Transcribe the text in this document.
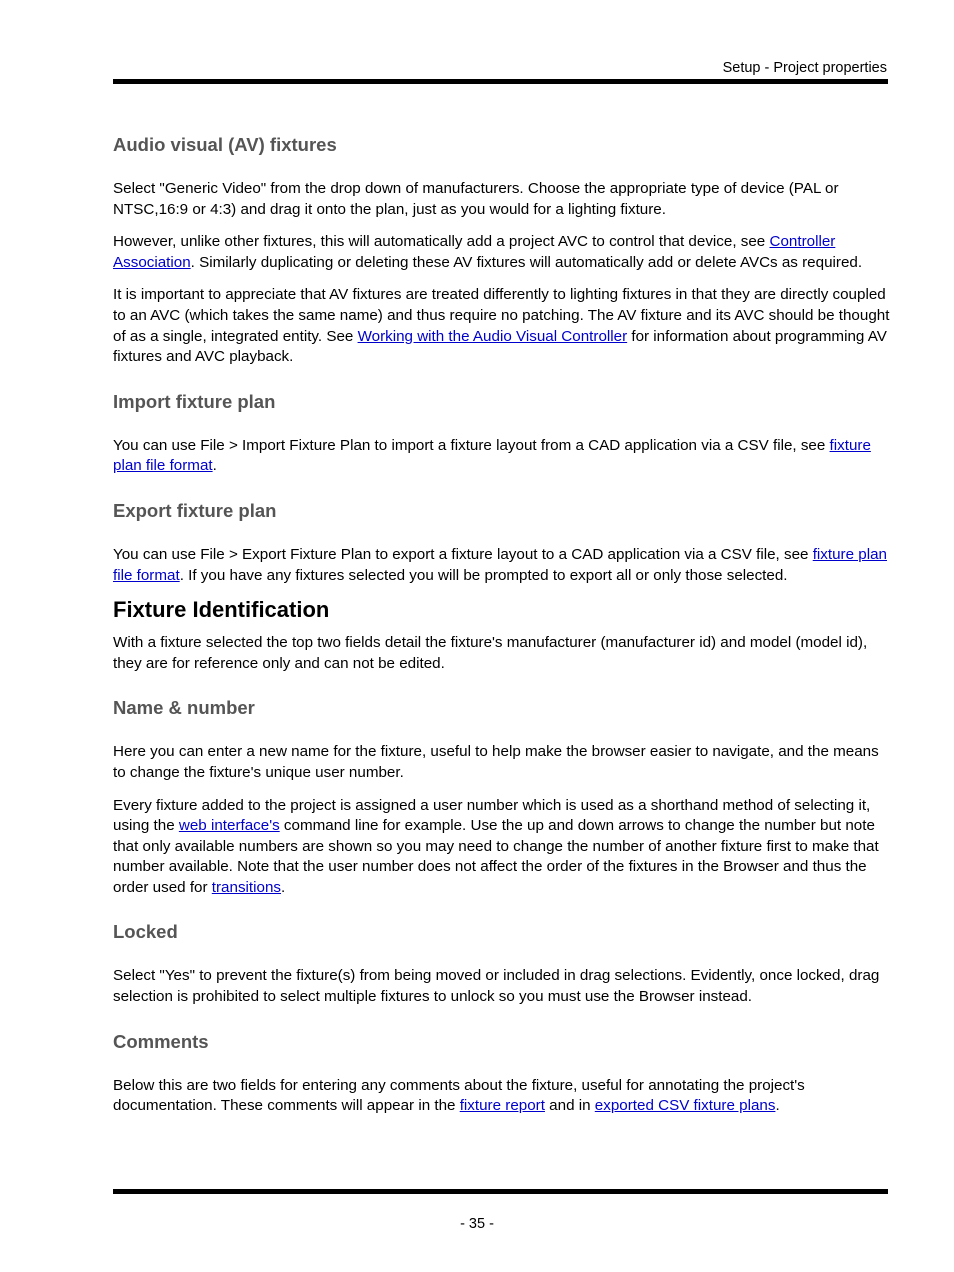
Setup - Project properties
Audio visual (AV) fixtures

Select "Generic Video" from the drop down of manufacturers. Choose the appropriate type of device (PAL or NTSC,16:9 or 4:3) and drag it onto the plan, just as you would for a lighting fixture.

However, unlike other fixtures, this will automatically add a project AVC to control that device, see Controller Association. Similarly duplicating or deleting these AV fixtures will automatically add or delete AVCs as required.

It is important to appreciate that AV fixtures are treated differently to lighting fixtures in that they are directly coupled to an AVC (which takes the same name) and thus require no patching. The AV fixture and its AVC should be thought of as a single, integrated entity. See Working with the Audio Visual Controller for information about programming AV fixtures and AVC playback.

Import fixture plan

You can use File > Import Fixture Plan to import a fixture layout from a CAD application via a CSV file, see fixture plan file format.

Export fixture plan

You can use File > Export Fixture Plan to export a fixture layout to a CAD application via a CSV file, see fixture plan file format. If you have any fixtures selected you will be prompted to export all or only those selected.

Fixture Identification

With a fixture selected the top two fields detail the fixture's manufacturer (manufacturer id) and model (model id), they are for reference only and can not be edited.

Name & number

Here you can enter a new name for the fixture, useful to help make the browser easier to navigate, and the means to change the fixture's unique user number.

Every fixture added to the project is assigned a user number which is used as a shorthand method of selecting it, using the web interface's command line for example. Use the up and down arrows to change the number but note that only available numbers are shown so you may need to change the number of another fixture first to make that number available. Note that the user number does not affect the order of the fixtures in the Browser and thus the order used for transitions.

Locked

Select "Yes" to prevent the fixture(s) from being moved or included in drag selections. Evidently, once locked, drag selection is prohibited to select multiple fixtures to unlock so you must use the Browser instead.

Comments

Below this are two fields for entering any comments about the fixture, useful for annotating the project's documentation. These comments will appear in the fixture report and in exported CSV fixture plans.

- 35 -
